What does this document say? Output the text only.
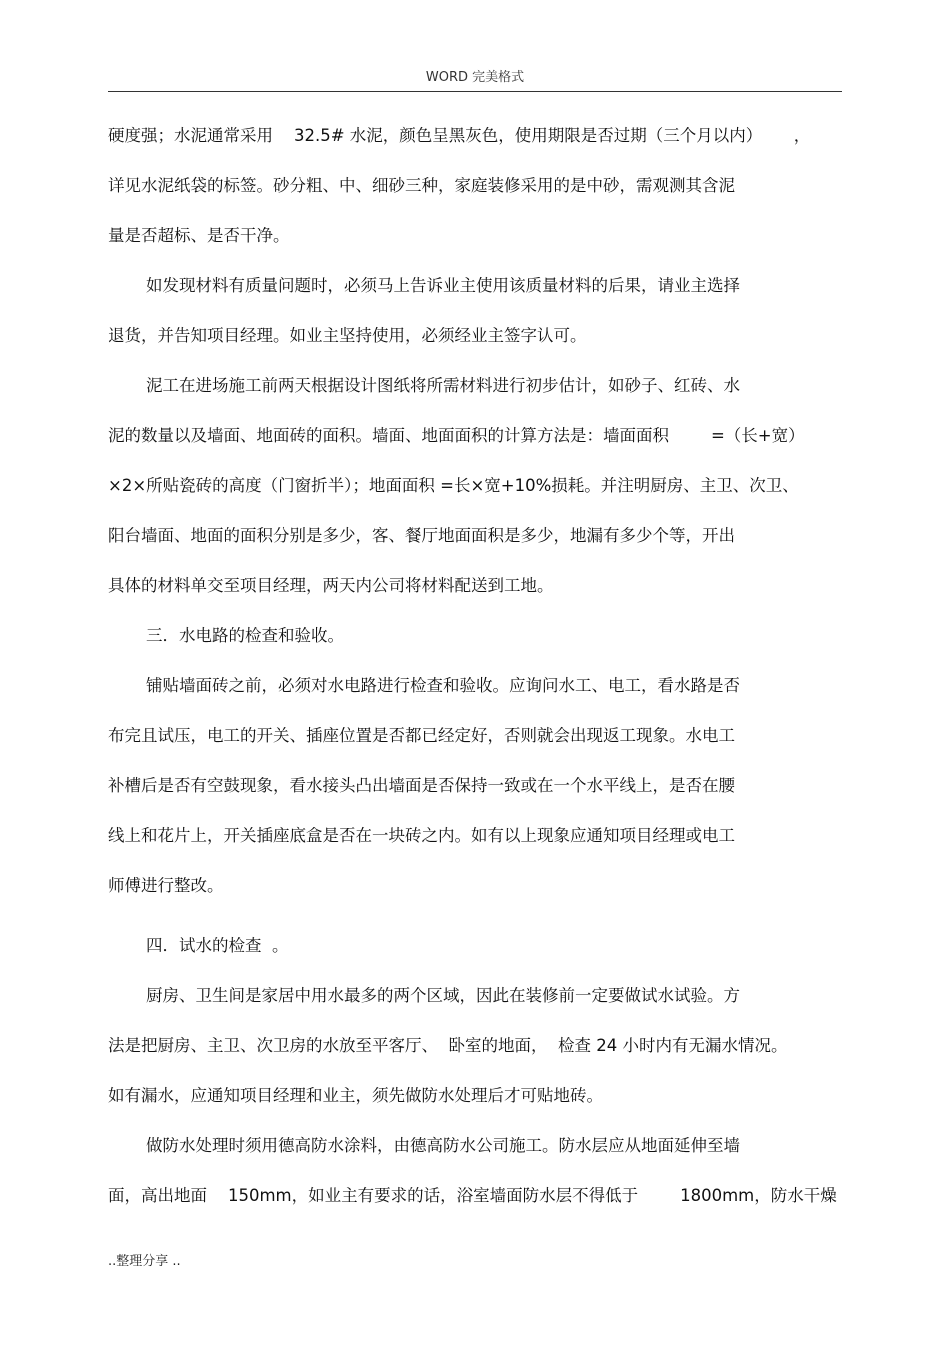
WORD 完美格式
硬度强；水泥通常采用    32.5# 水泥，颜色呈黑灰色，使用期限是否过期（三个月以内）      ，
详见水泥纸袋的标签。砂分粗、中、细砂三种，家庭装修采用的是中砂，需观测其含泥
量是否超标、是否干净。
如发现材料有质量问题时，必须马上告诉业主使用该质量材料的后果，请业主选择
退货，并告知项目经理。如业主坚持使用，必须经业主签字认可。
泥工在进场施工前两天根据设计图纸将所需材料进行初步估计，如砂子、红砖、水
泥的数量以及墙面、地面砖的面积。墙面、地面面积的计算方法是：墙面面积        =（长+宽）
×2×所贴瓷砖的高度（门窗折半）；地面面积 =长×宽+10%损耗。并注明厨房、主卫、次卫、
阳台墙面、地面的面积分别是多少，客、餐厅地面面积是多少，地漏有多少个等，开出
具体的材料单交至项目经理，两天内公司将材料配送到工地。
三．水电路的检查和验收。
铺贴墙面砖之前，必须对水电路进行检查和验收。应询问水工、电工，看水路是否
布完且试压，电工的开关、插座位置是否都已经定好，否则就会出现返工现象。水电工
补槽后是否有空鼓现象，看水接头凸出墙面是否保持一致或在一个水平线上，是否在腰
线上和花片上，开关插座底盒是否在一块砖之内。如有以上现象应通知项目经理或电工
师傅进行整改。
四．试水的检查  。
厨房、卫生间是家居中用水最多的两个区域，因此在装修前一定要做试水试验。方
法是把厨房、主卫、次卫房的水放至平客厅、  卧室的地面，  检查 24 小时内有无漏水情况。
如有漏水，应通知项目经理和业主，须先做防水处理后才可贴地砖。
做防水处理时须用德高防水涂料，由德高防水公司施工。防水层应从地面延伸至墙
面，高出地面    150mm，如业主有要求的话，浴室墙面防水层不得低于        1800mm，防水干燥
..整理分享 ..
